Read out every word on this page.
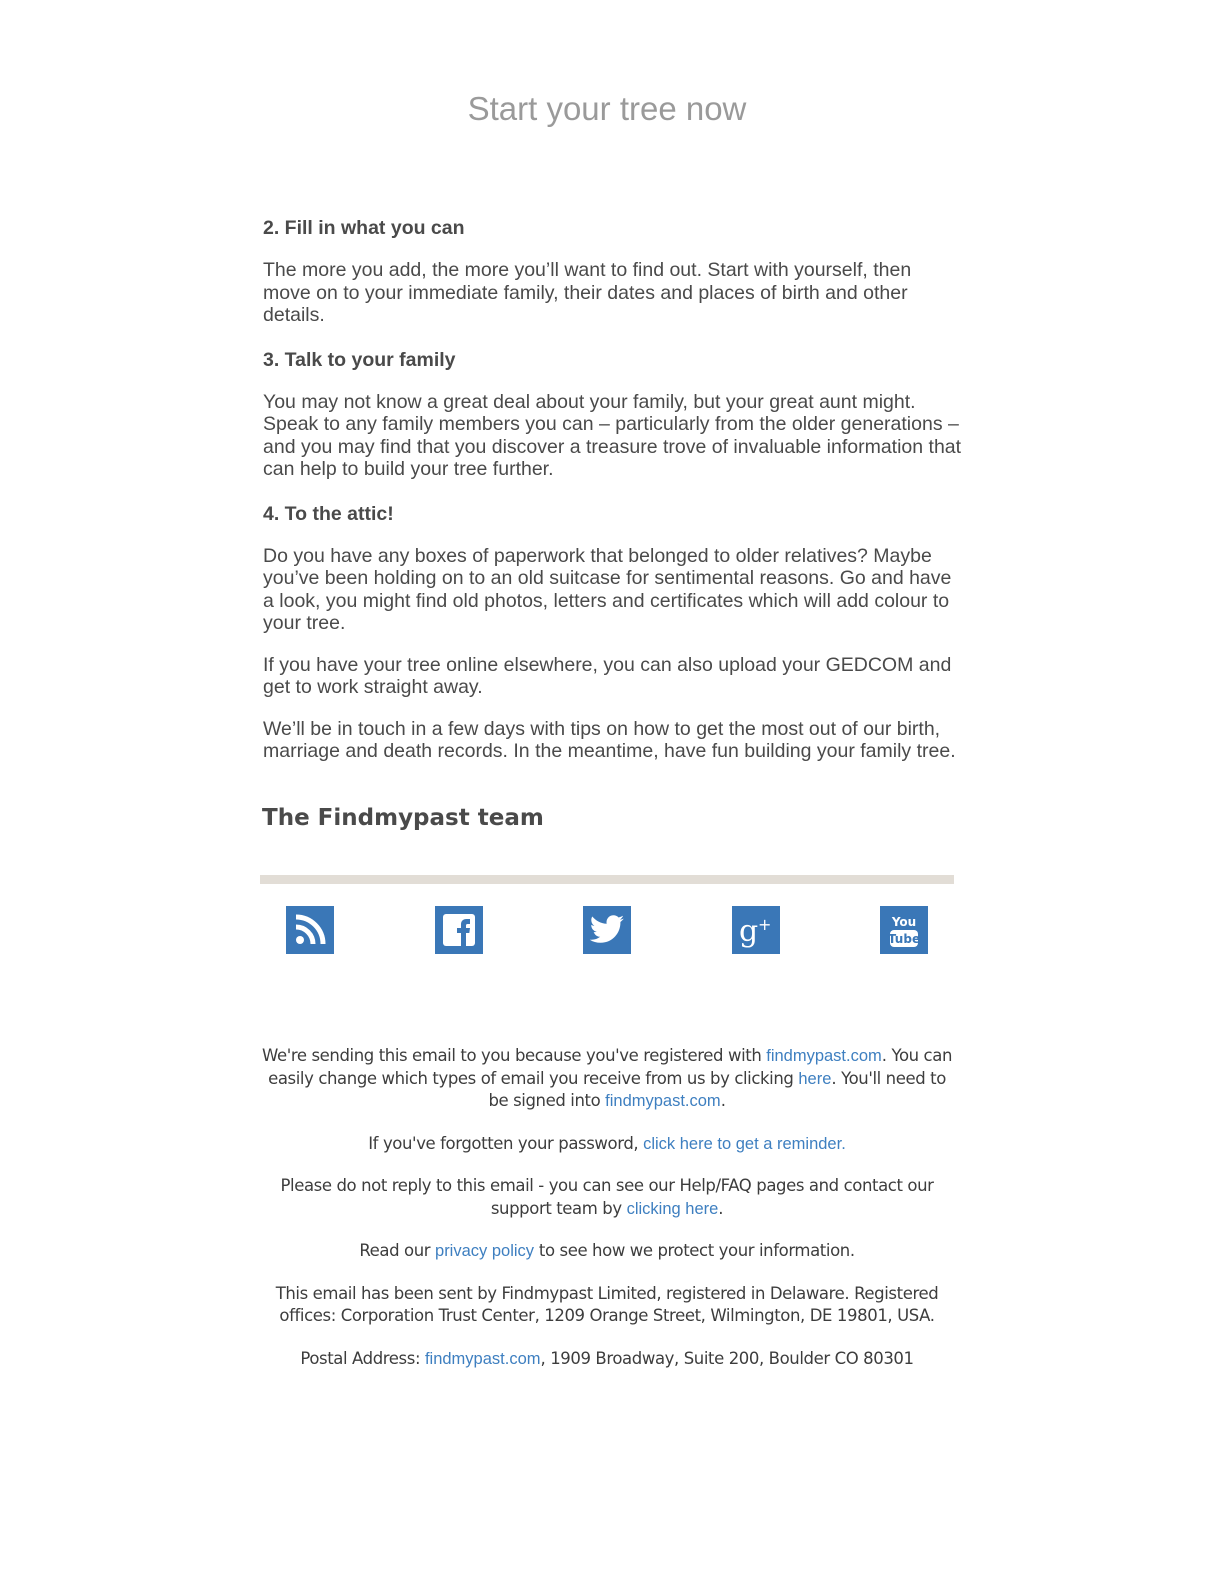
Start your tree now
2. Fill in what you can

The more you add, the more you’ll want to find out. Start with yourself, then move on to your immediate family, their dates and places of birth and other details.

3. Talk to your family

You may not know a great deal about your family, but your great aunt might. Speak to any family members you can – particularly from the older generations – and you may find that you discover a treasure trove of invaluable information that can help to build your tree further.

4. To the attic!

Do you have any boxes of paperwork that belonged to older relatives? Maybe you’ve been holding on to an old suitcase for sentimental reasons. Go and have a look, you might find old photos, letters and certificates which will add colour to your tree.

If you have your tree online elsewhere, you can also upload your GEDCOM and get to work straight away.

We’ll be in touch in a few days with tips on how to get the most out of our birth, marriage and death records. In the meantime, have fun building your family tree.

The Findmypast team
g +	You
Tube

We're sending this email to you because you've registered with findmypast.com. You can easily change which types of email you receive from us by clicking here. You'll need to be signed into findmypast.com.

If you've forgotten your password, click here to get a reminder.

Please do not reply to this email - you can see our Help/FAQ pages and contact our support team by clicking here.

Read our privacy policy to see how we protect your information.

This email has been sent by Findmypast Limited, registered in Delaware. Registered offices: Corporation Trust Center, 1209 Orange Street, Wilmington, DE 19801, USA.

Postal Address: findmypast.com, 1909 Broadway, Suite 200, Boulder CO 80301
